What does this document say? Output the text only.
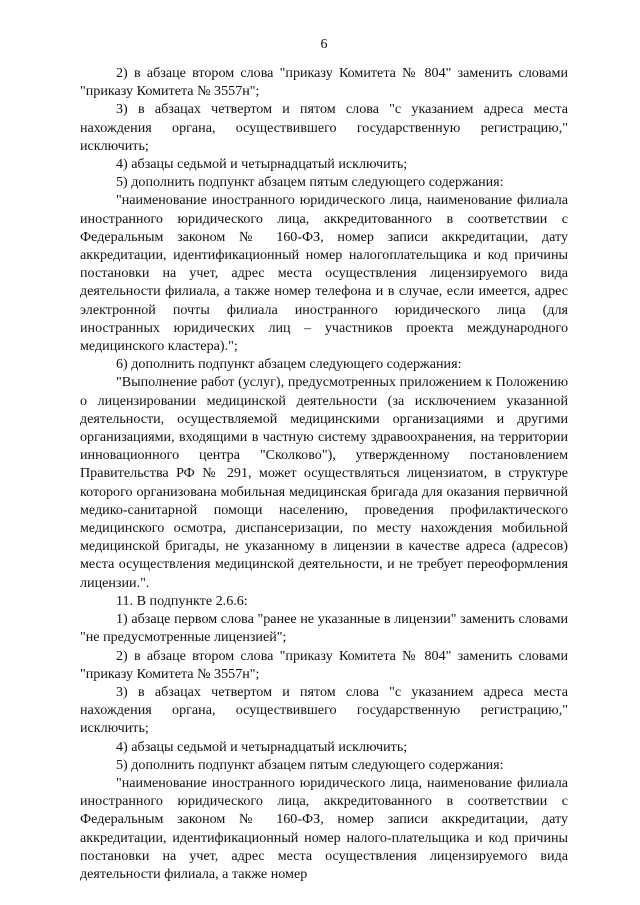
6

2) в абзаце втором слова "приказу Комитета № 804" заменить словами "приказу Комитета № 3557н";

3) в абзацах четвертом и пятом слова "с указанием адреса места нахождения органа, осуществившего государственную регистрацию," исключить;

4) абзацы седьмой и четырнадцатый исключить;

5) дополнить подпункт абзацем пятым следующего содержания:

"наименование иностранного юридического лица, наименование филиала иностранного юридического лица, аккредитованного в соответствии с Федеральным законом № 160-ФЗ, номер записи аккредитации, дату аккредитации, идентификационный номер налогоплательщика и код причины постановки на учет, адрес места осуществления лицензируемого вида деятельности филиала, а также номер телефона и в случае, если имеется, адрес электронной почты филиала иностранного юридического лица (для иностранных юридических лиц – участников проекта международного медицинского кластера).";

6) дополнить подпункт абзацем следующего содержания:

"Выполнение работ (услуг), предусмотренных приложением к Положению о лицензировании медицинской деятельности (за исключением указанной деятельности, осуществляемой медицинскими организациями и другими организациями, входящими в частную систему здравоохранения, на территории инновационного центра "Сколково"), утвержденному постановлением Правительства РФ № 291, может осуществляться лицензиатом, в структуре которого организована мобильная медицинская бригада для оказания первичной медико-санитарной помощи населению, проведения профилактического медицинского осмотра, диспансеризации, по месту нахождения мобильной медицинской бригады, не указанному в лицензии в качестве адреса (адресов) места осуществления медицинской деятельности, и не требует переоформления лицензии.".

11. В подпункте 2.6.6:

1) абзаце первом слова "ранее не указанные в лицензии" заменить словами "не предусмотренные лицензией";

2) в абзаце втором слова "приказу Комитета № 804" заменить словами "приказу Комитета № 3557н";

3) в абзацах четвертом и пятом слова "с указанием адреса места нахождения органа, осуществившего государственную регистрацию," исключить;

4) абзацы седьмой и четырнадцатый исключить;

5) дополнить подпункт абзацем пятым следующего содержания:

"наименование иностранного юридического лица, наименование филиала иностранного юридического лица, аккредитованного в соответствии с Федеральным законом № 160-ФЗ, номер записи аккредитации, дату аккредитации, идентификационный номер налого-плательщика и код причины постановки на учет, адрес места осуществления лицензируемого вида деятельности филиала, а также номер
